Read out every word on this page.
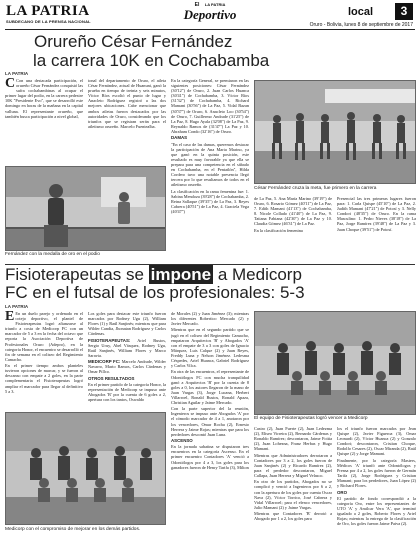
LA PATRIA
SUBDECANO DE LA PRENSA NACIONAL
El LA PATRIA
Deportivo	local	3
Oruro - Bolivia, lunes 8 de septiembre de 2017
Orureño César Fernández
la carrera 10K en Cochabamba
LA PATRIA

C Con una destacada participación, el orureño César Fernández conquistó las sufra cochabambinas al ocupar el primer lugar del podio, en la carrera pedestre 10K "Presidente Evo", que se desarrolló este domingo en horas de la mañana en la capital valluna. El representante orureño, que también busca participación a nivel global,

tonal del departamento de Oruro, el atleta César Fernández, actual de Huanuni, ganó la prueba en tiempo de treinta y seis minutos, Víctor Ríos escoltó el punto de lugar y Anacleto Rodríguez registró a las dos mejores ubicaciones. Cabe mencionar que ambos atletas fueron destacados por las autoridades de Oruro, considerando que los triunfos que se registran serán para el atletismo orureño. Marcelo Fuentealba.

En la categoría General, se premiaron en las siguientes posiciones: César Fernández (30'12") de Oruro, 2. Juan Carlos Huanca (30'41") de Cochabamba, 3. Víctor Ríos (31'32") de Cochabamba, 4. Richard Mamani (30'56") de La Paz, 5. Vidal Bazan (30'37") de Oruro, 6. Anacleto Loo (30'54") de Oruro, 7. Guillermo Andrade (31'25") de La Paz, 8. Hugo Ayala (32'08") de La Paz, 9. Reynaldo Ramos de (31'47") La Paz y 10. Abraham Condo (32'16") de Oruro.

DAMAS

"En el caso de las damas, queremos destacar la participación de Ana Marta Marino, ya que ganó en la quinta posición, este resultado es muy favorable ya que ella se prepara para una competencia en el sábado en Cochabamba, en el Pentatlón", Hilda Cordero tuvo una notable presencia llegó tercera por lo que resultamos de todos en el atletismo orureño.

La clasificación en la rama femenina fue: 1. Sabina Mendoza (39'28") de Cochabamba, 2. Reina Sallaque (39'35") de La Paz, 3. Reyes Cabrera (40'51") de La Paz, 4. Graciela Vega (40'47")

Fernández con la medalla de oro en el podio
César Fernández cruza la meta, fue primero en la carrera

de La Paz, 5. Ana María Marino (39'19") de Oruro, 6. Rosario Gómez (40'11") de La Paz, 7. Edith Mamani (41'13") de Cochabamba, 8. Nicole Collado (41'40") de La Paz, 9. Tatiana Fabiana (42'30") de La Paz y 10. Claudia Gómez (46'31") de La Paz.

En la clasificación femenina

Presencial las tres primeras lugares fueron para: 1. Carla Quispe (45'10") de La Paz, 2. Judith Mamani (47'21") de Potosí y 3. Nelly Condori (48'35") de Oruro. En la rama Masculino: 1. Pedro Nieves (38'18") de La Paz, Jorge Ramírez (39'48") de La Paz y 3. Juan Choque (39'51") de Potosí.

Fisioterapeutas se impone a Medicorp
FC en el futsal de los profesionales: 5-3
LA PATRIA

E En un duelo parejo y ordenado en el cotejo deportivo, el plantel de Fisioterapeutas logró afianzarse al triunfo a costa de Medicorp FC con un marcador de 5 a 3 en la fecha del octavo que reporta la Asociación Deportiva de Profesionales Oruro (Adepro), en la categoría Honor, el encuentro se desarrolló el fin de semana en el coliseo del Regimiento Camacho.

En el primer tiempo ambos planteles tuvieron opciones de marcar, y se fueron al descanso con empate a 2 goles, en la parte complementaria el Fisioterapeutas logró ampliar el marcador para llegar al definitivo 5 a 3.

Los goles para destacar este triunfo fueron marcados por Rodney Ugu (2), William Flores (1) y Raúl Sanjinés; mientras que para Wilder Candia, Jhonatan Rodríguez y Carlos Cárdenas.

FISIOTERAPEUTAS: Ariel Bustos, Sergio Uruy, Abel Vásquez, Rodney Ugu, Raúl Sanjinés, William Flores y Marco Saravia.

MEDICORP FC: Marcelo Andrade, Wilder Navarro, Mario Ramos, Carlos Cárdenas y Omar Pillco.

OTROS RESULTADOS

En el primer partido de la categoría Honor, la representación de Medicorp se impuso ante Abogados 'B' por la cuenta de 6 goles a 2, apertura con los tantos, Oswaldo

de Morales (2) y Juan Jiménez (3); mientras los diferentes Robertico Mercado (2) y Javier Mercado.

Mientras que en el segundo partido que se jugó en el coliseo del Regimiento Camacho, empataron Arquitectos 'B' y Abogados 'A' con el empate de 3 a 3 con goles de Ignacio Márquez, Luis Calque (2) y Juan Reyes, Freddy Luna y Nelson Jiménez. Ledesma Céspedes, Ariel Huanca, Gabriel Rodríguez y Carlos Vilca.

En otra de las encuentros, el representante de Odontólogos FC con mucha tranquilidad ganó a Arquitectos 'B' por la cuenta de 8 goles a 0, los autores llegaron de la mano de Juan Vargas (3), Jorge Lucana, Herbert Villarroel, Ronald Bustos, Ronald Apaza, Christian Aguilar y Jaime Mercado.

Con la parte superior del la reunión, Ingenieros se impuso ante Abogados 'A' por el cómodo marcador de 4 a 1, anotaron por los vencedores, Omar Rocha (2), Ernesto Herrera y Jaime Rojas; mientras que para los perdedores descontó Juan Luna.

ASCENSO

En la jornada sabatina se disputaron tres encuentros en la categoría Ascenso. En el primer encuentro Contadores 'A' venció a Odontólogos por 4 a 3, los goles para los ganadores fueron de Henry Tarifa (3), Milton

Medicorp con el compromiso de mejorar en los demás partidos.
El equipo de Fisioterapeutas logró vencer a Medicorp

Castro (2), Juan Fuerte (2), Juan Ledezma (2), Eliseo Virreira (2), Bernardo Cárdenas y Ronaldo Ramírez; descontaron, Jaime Foitia (2), Juan Lohezna, Franz Herbas y Hugo Mamani.

Mientras que Administradores derrotaron a Contadores por 3 a 2, los goles fueron de Juan Sanjinés (2) y Ricardo Ramírez (2), para el perdedor descontaron, Miguel Callapa, Juan Herrera y Miguel Velasco.

En otro de los partidos, Abogados no se complicó y venció a Ingenieros por 6 a 2, con la apertura de los goles por cuenta Oscar Nava (2), Víctor Torrico, José Cabrera y Vidal Villarroel; para el elenco vencedores, Julio Mamani (2) y Jaime Vargas.

Mientras que Contadores 'B' derrotó a Abogado por 1 a 2, los goles para

los el triunfo fueron marcados por Jean Quispe (2), Javier Figueroa (3), Omar Leonardi (2), Víctor Huanca (2) y Gonzalo Condori; descontaron, Cristian Choque, Rodolfo Cesares (2), Oscar Miranda (2), Raúl Quispe (2) y Jorge Mamani.

Finalmente, por la categoría Masters, Médicos 'A' triunfó ante Odontólogos y Prensa por 4 a 2, los goles fueron de Germán Tarifa (2), Jorge Rodríguez y Cristian Mamani; para los perdedores, Juan López (2) y Richard Flores.

ORO

El partido de fondo correspondió a la categoría Oro, entre los representantes de UTO 'A' y Amilcar Vera 'A', que terminó igualado a 2 goles, Roberto Flores y Ariel Rojas; mientras la entrega de la clasificación de Oro, los goles fueron Jaime Paiva (2).
